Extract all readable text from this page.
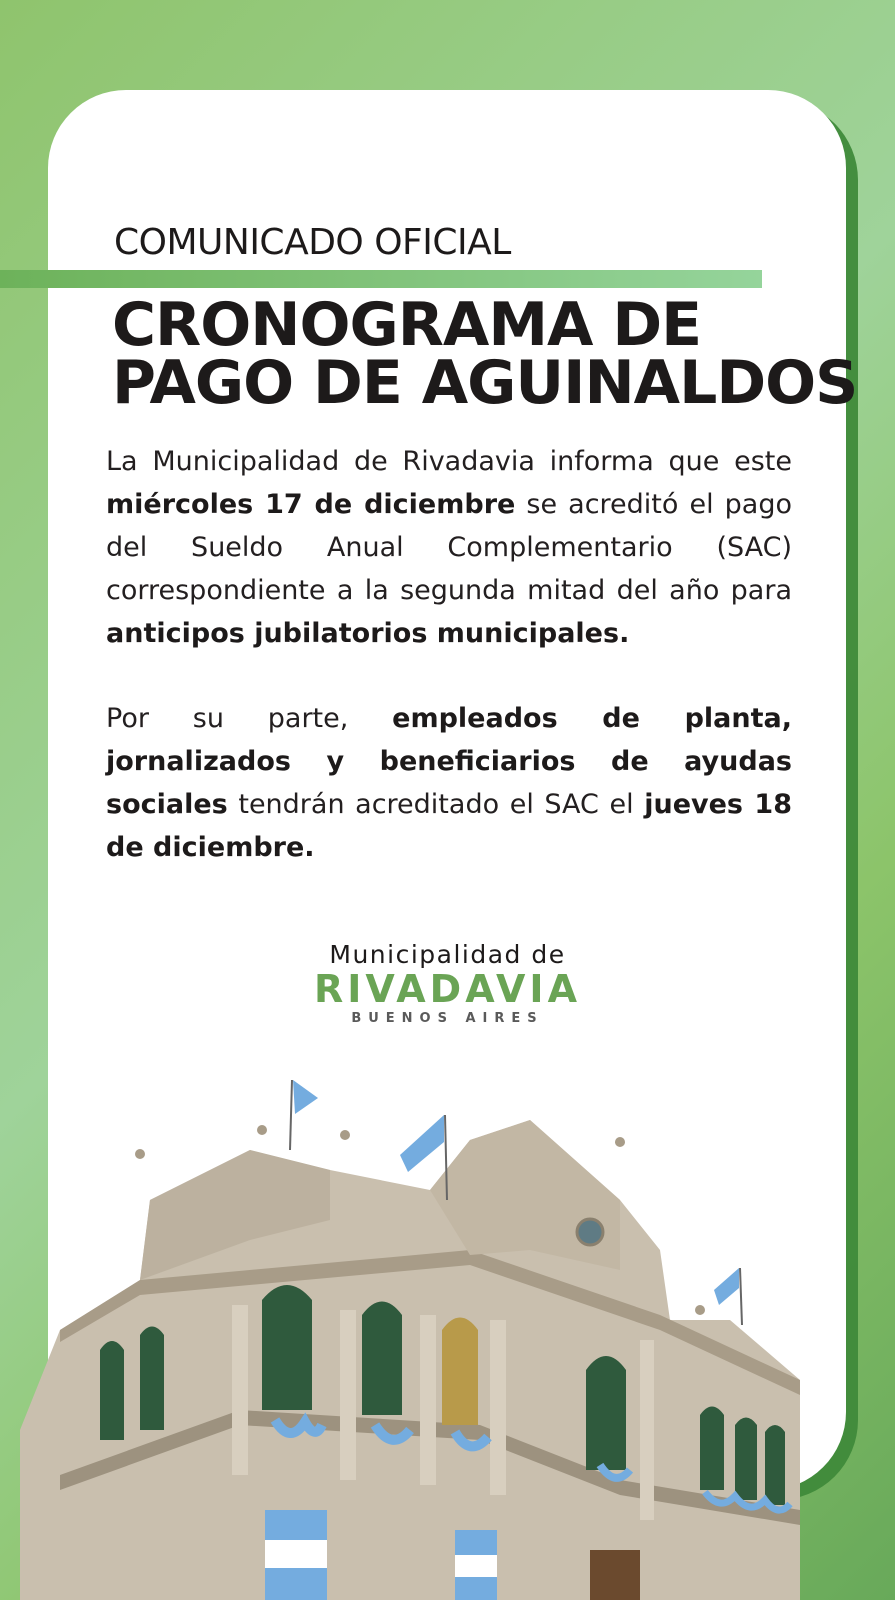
COMUNICADO OFICIAL
CRONOGRAMA DE
PAGO DE AGUINALDOS

La Municipalidad de Rivadavia informa que este miércoles 17 de diciembre se acreditó el pago del Sueldo Anual Complementario (SAC) correspondiente a la segunda mitad del año para anticipos jubilatorios municipales.

Por su parte, empleados de planta, jornalizados y beneficiarios de ayudas sociales tendrán acreditado el SAC el jueves 18 de diciembre.

Municipalidad de
RIVADAVIA
BUENOS AIRES
